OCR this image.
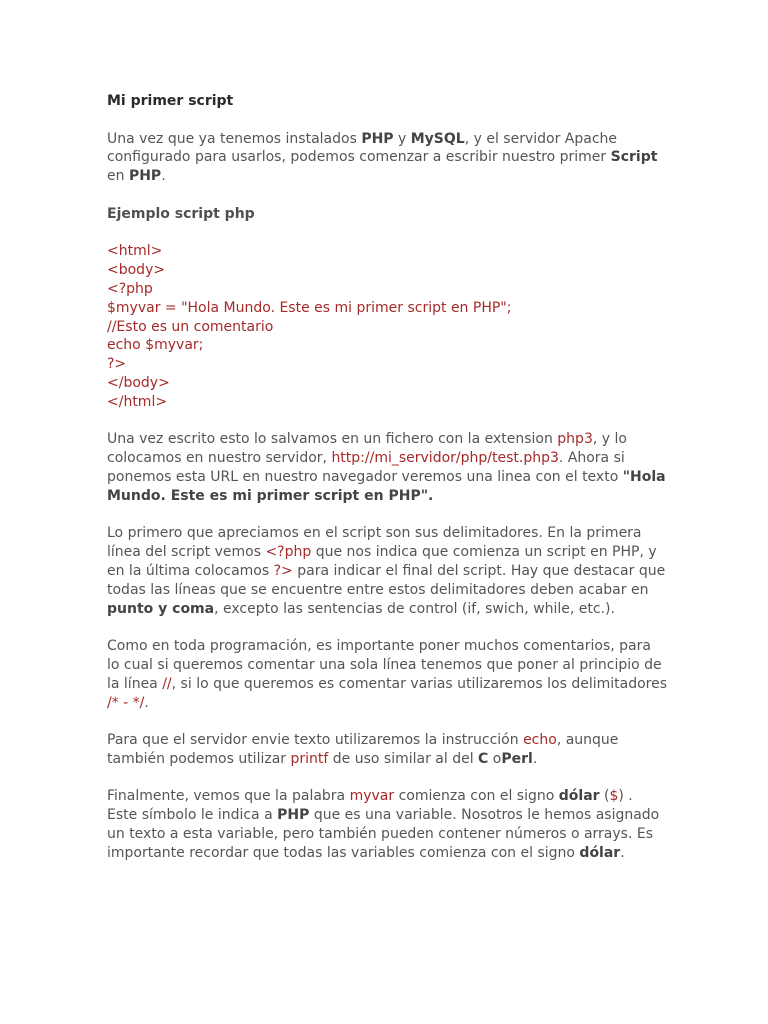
Mi primer script

Una vez que ya tenemos instalados PHP y MySQL, y el servidor Apache configurado para usarlos, podemos comenzar a escribir nuestro primer Script en PHP.

Ejemplo script php
<html>
<body>
<?php
$myvar = "Hola Mundo. Este es mi primer script en PHP";
//Esto es un comentario
echo $myvar;
?>
</body>
</html>

Una vez escrito esto lo salvamos en un fichero con la extension php3, y lo colocamos en nuestro servidor, http://mi_servidor/php/test.php3. Ahora si ponemos esta URL en nuestro navegador veremos una linea con el texto "Hola Mundo. Este es mi primer script en PHP".

Lo primero que apreciamos en el script son sus delimitadores. En la primera línea del script vemos <?php que nos indica que comienza un script en PHP, y en la última colocamos ?> para indicar el final del script. Hay que destacar que todas las líneas que se encuentre entre estos delimitadores deben acabar en punto y coma, excepto las sentencias de control (if, swich, while, etc.).

Como en toda programación, es importante poner muchos comentarios, para lo cual si queremos comentar una sola línea tenemos que poner al principio de la línea //, si lo que queremos es comentar varias utilizaremos los delimitadores /* - */.

Para que el servidor envie texto utilizaremos la instrucción echo, aunque también podemos utilizar printf de uso similar al del C oPerl.

Finalmente, vemos que la palabra myvar comienza con el signo dólar ($) . Este símbolo le indica a PHP que es una variable. Nosotros le hemos asignado un texto a esta variable, pero también pueden contener números o arrays. Es importante recordar que todas las variables comienza con el signo dólar.
